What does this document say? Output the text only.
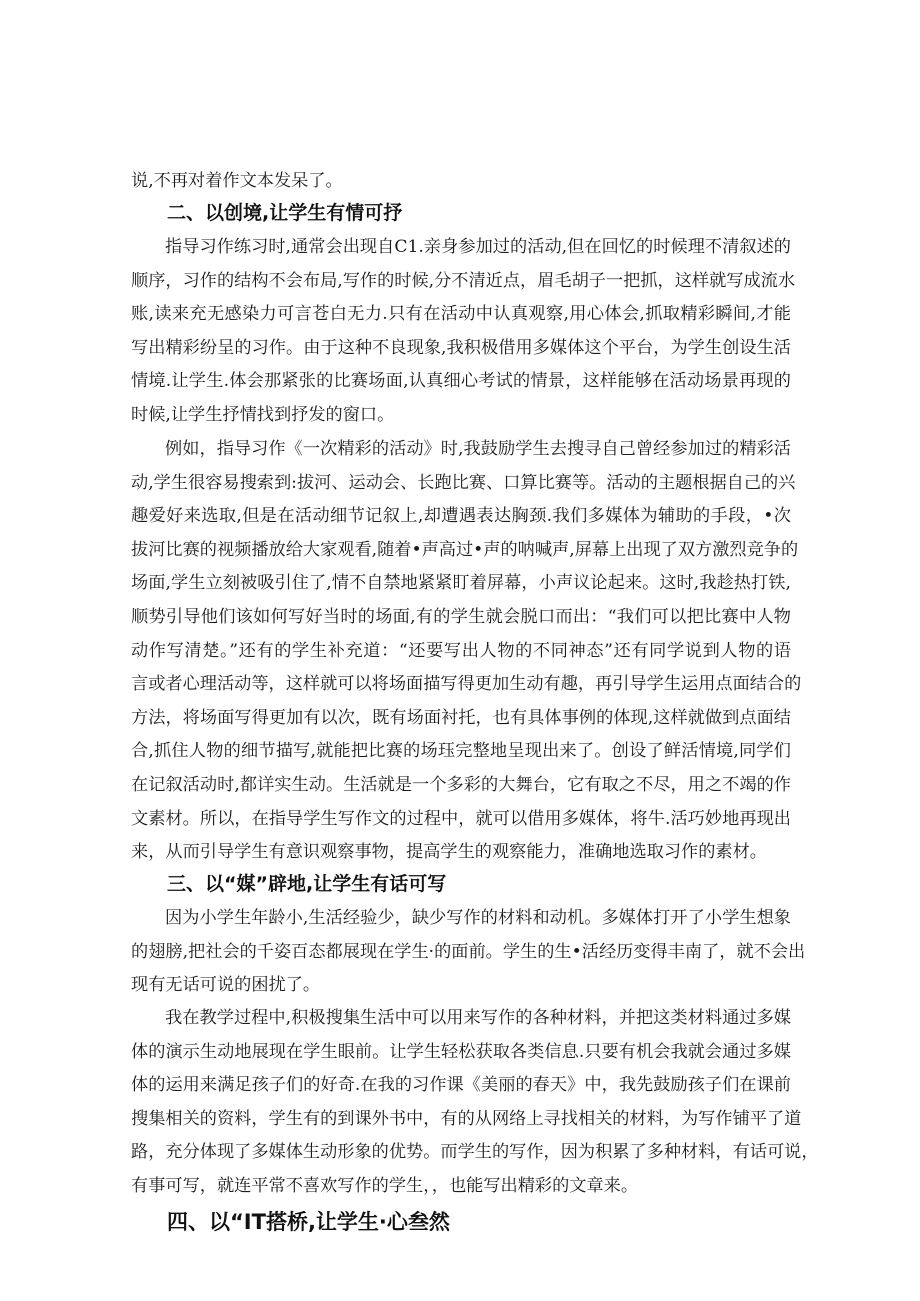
说,不再对着作文本发呆了。

二、以创境,让学生有情可抒

指导习作练习时,通常会出现自C1.亲身参加过的活动,但在回忆的时候理不清叙述的
顺序，习作的结构不会布局,写作的时候,分不清近点，眉毛胡子一把抓，这样就写成流水
账,读来充无感染力可言苍白无力.只有在活动中认真观察,用心体会,抓取精彩瞬间,才能
写出精彩纷呈的习作。由于这种不良现象,我积极借用多媒体这个平台，为学生创设生活
情境.让学生.体会那紧张的比赛场面,认真细心考试的情景，这样能够在活动场景再现的
时候,让学生抒情找到抒发的窗口。

例如，指导习作《一次精彩的活动》时,我鼓励学生去搜寻自己曾经参加过的精彩活
动,学生很容易搜索到:拔河、运动会、长跑比赛、口算比赛等。活动的主题根据自己的兴
趣爱好来选取,但是在活动细节记叙上,却遭遇表达胸颈.我们多媒体为辅助的手段，•次
拔河比赛的视频播放给大家观看,随着•声高过•声的呐喊声,屏幕上出现了双方激烈竞争的
场面,学生立刻被吸引住了,情不自禁地紧紧盯着屏幕，小声议论起来。这时,我趁热打铁,
顺势引导他们该如何写好当时的场面,有的学生就会脱口而出：“我们可以把比赛中人物
动作写清楚。”还有的学生补充道：“还要写出人物的不同神态”还有同学说到人物的语
言或者心理活动等，这样就可以将场面描写得更加生动有趣，再引导学生运用点面结合的
方法，将场面写得更加有以次，既有场面衬托，也有具体事例的体现,这样就做到点面结
合,抓住人物的细节描写,就能把比赛的场珏完整地呈现出来了。创设了鲜活情境,同学们
在记叙活动时,都详实生动。生活就是一个多彩的大舞台，它有取之不尽，用之不竭的作
文素材。所以，在指导学生写作文的过程中，就可以借用多媒体，将牛.活巧妙地再现出
来，从而引导学生有意识观察事物，提高学生的观察能力，准确地选取习作的素材。

三、以“媒”辟地,让学生有话可写

因为小学生年龄小,生活经验少，缺少写作的材料和动机。多媒体打开了小学生想象
的翅膀,把社会的千姿百态都展现在学生·的面前。学生的生•活经历变得丰南了，就不会出
现有无话可说的困扰了。

我在教学过程中,积极搜集生活中可以用来写作的各种材料，并把这类材料通过多媒
体的演示生动地展现在学生眼前。让学生轻松获取各类信息.只要有机会我就会通过多媒
体的运用来满足孩子们的好奇.在我的习作课《美丽的春天》中，我先鼓励孩子们在课前
搜集相关的资料，学生有的到课外书中，有的从网络上寻找相关的材料，为写作铺平了道
路，充分体现了多媒体生动形象的优势。而学生的写作，因为积累了多种材料，有话可说，
有事可写，就连平常不喜欢写作的学生，，也能写出精彩的文章来。

四、以“IT搭桥,让学生·心叁然
